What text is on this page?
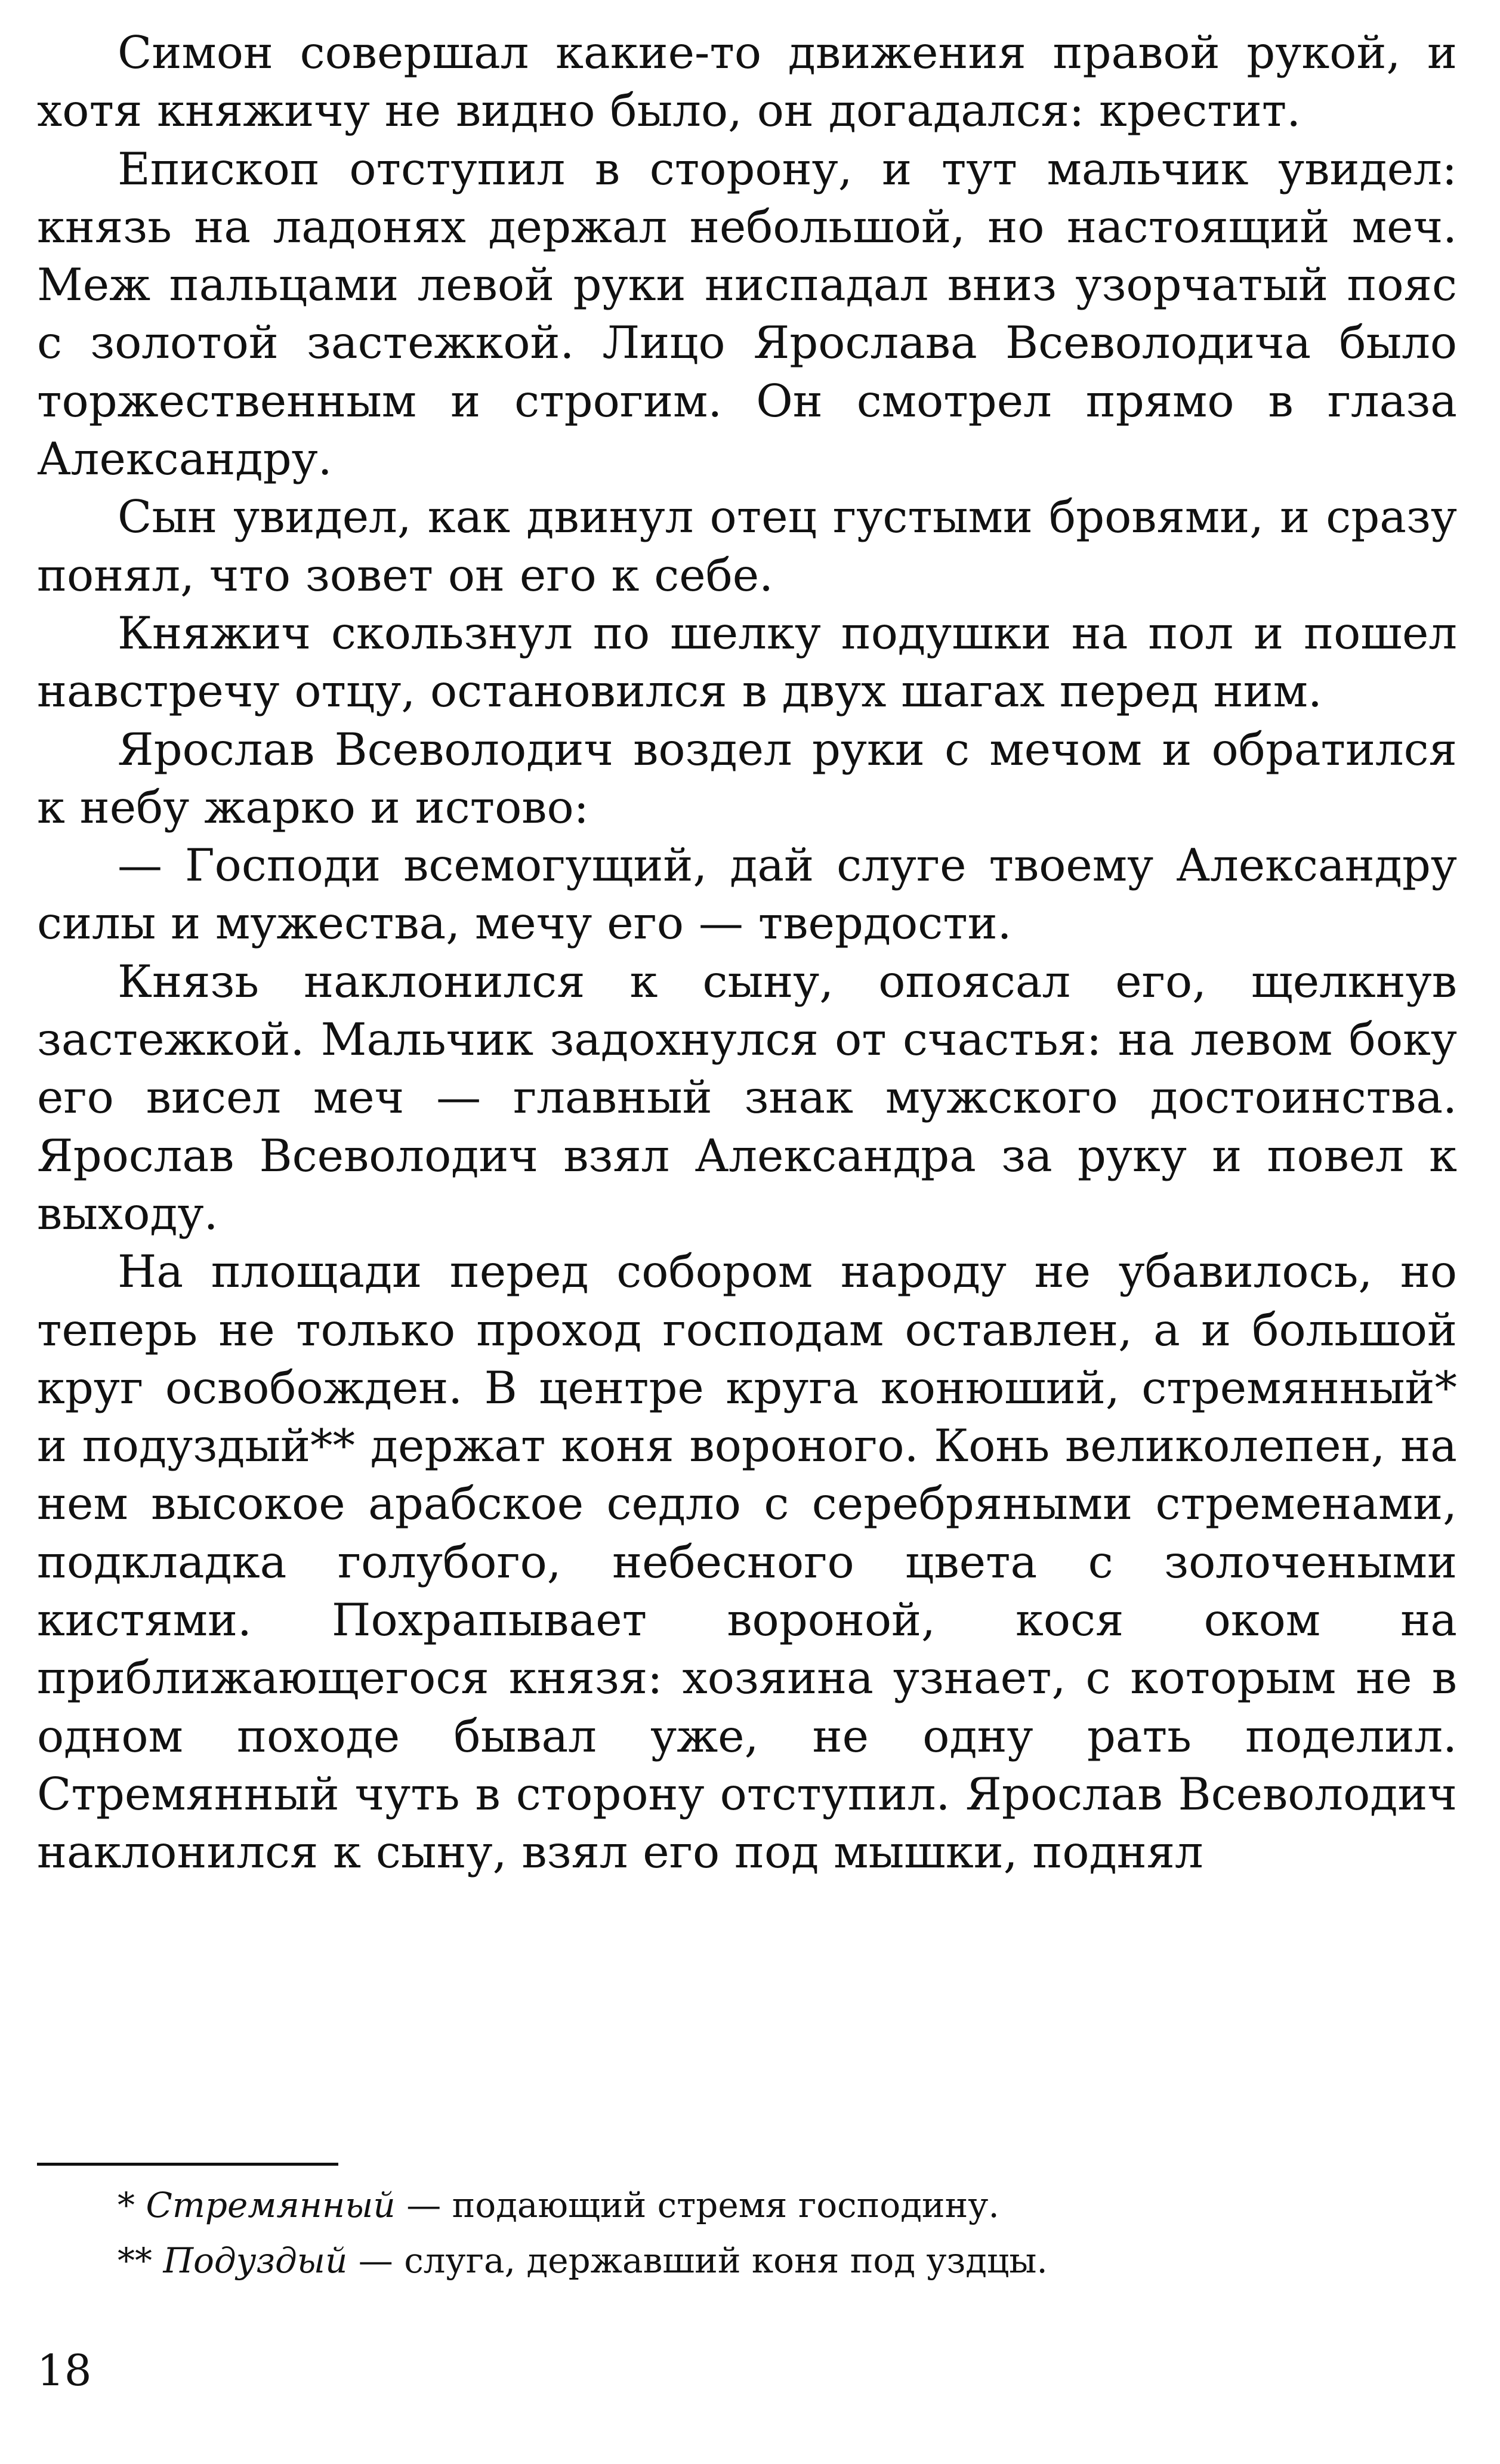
Симон совершал какие-то движения правой рукой, и хотя княжичу не видно было, он догадался: крестит.

Епископ отступил в сторону, и тут мальчик увидел: князь на ладонях держал небольшой, но настоящий меч. Меж пальцами левой руки ниспадал вниз узорчатый пояс с золотой застежкой. Лицо Ярослава Всеволодича было торжественным и строгим. Он смотрел прямо в глаза Александру.

Сын увидел, как двинул отец густыми бровями, и сразу понял, что зовет он его к себе.

Княжич скользнул по шелку подушки на пол и пошел навстречу отцу, остановился в двух шагах перед ним.

Ярослав Всеволодич воздел руки с мечом и обратился к небу жарко и истово:

— Господи всемогущий, дай слуге твоему Александру силы и мужества, мечу его — твердости.

Князь наклонился к сыну, опоясал его, щелкнув застежкой. Мальчик задохнулся от счастья: на левом боку его висел меч — главный знак мужского достоинства. Ярослав Всеволодич взял Александра за руку и повел к выходу.

На площади перед собором народу не убавилось, но теперь не только проход господам оставлен, а и большой круг освобожден. В центре круга конюший, стремянный* и подуздый** держат коня вороного. Конь великолепен, на нем высокое арабское седло с серебряными стременами, подкладка голубого, небесного цвета с золочеными кистями. Похрапывает вороной, кося оком на приближающегося князя: хозяина узнает, с которым не в одном походе бывал уже, не одну рать поделил. Стремянный чуть в сторону отступил. Ярослав Всеволодич наклонился к сыну, взял его под мышки, поднял

* Стремянный — подающий стремя господину.
** Подуздый — слуга, державший коня под уздцы.
18
